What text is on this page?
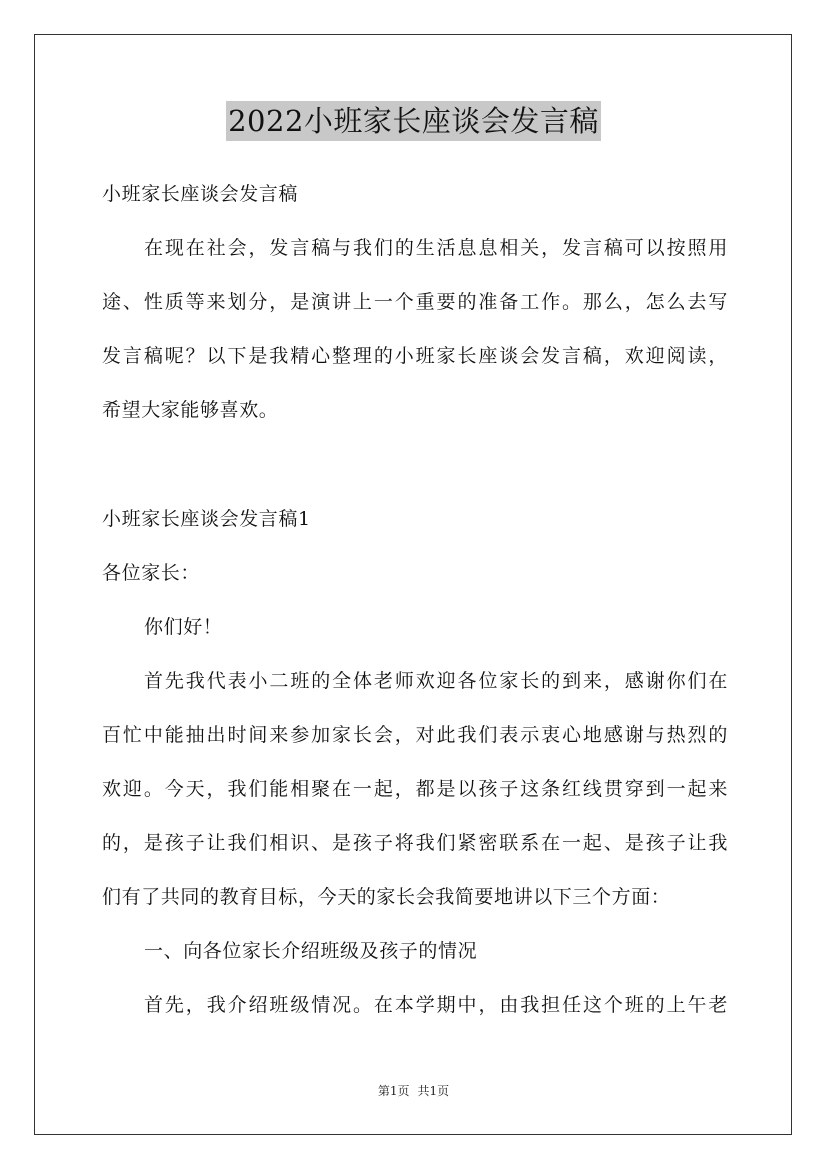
2022小班家长座谈会发言稿
小班家长座谈会发言稿
在现在社会，发言稿与我们的生活息息相关，发言稿可以按照用
途、性质等来划分，是演讲上一个重要的准备工作。那么，怎么去写
发言稿呢？以下是我精心整理的小班家长座谈会发言稿，欢迎阅读，
希望大家能够喜欢。
小班家长座谈会发言稿1
各位家长：
你们好！
首先我代表小二班的全体老师欢迎各位家长的到来，感谢你们在
百忙中能抽出时间来参加家长会，对此我们表示衷心地感谢与热烈的
欢迎。今天，我们能相聚在一起，都是以孩子这条红线贯穿到一起来
的，是孩子让我们相识、是孩子将我们紧密联系在一起、是孩子让我
们有了共同的教育目标，今天的家长会我简要地讲以下三个方面：
一、向各位家长介绍班级及孩子的情况
首先，我介绍班级情况。在本学期中，由我担任这个班的上午老
第1页 共1页
